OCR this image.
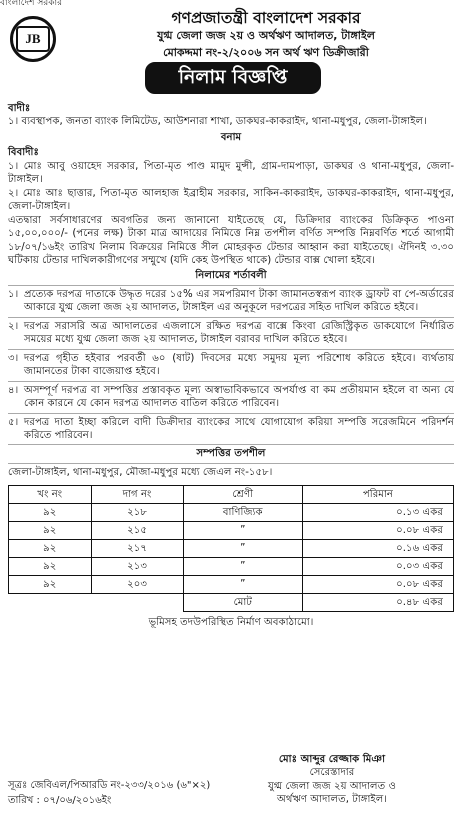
বাংলাদেশ সরকার
JB
গণপ্রজাতন্ত্রী বাংলাদেশ সরকার
যুগ্ম জেলা জজ ২য় ও অর্থঋণ আদালত, টাঙ্গাইল
মোকদ্দমা নং-২/২০০৬ সন অর্থ ঋণ ডিক্রীজারী
নিলাম বিজ্ঞপ্তি
বাদীঃ

১। ব্যবস্থাপক, জনতা ব্যাংক লিমিটেড, আউশনারা শাখা, ডাকঘর-কাকরাইদ, থানা-মধুপুর, জেলা-টাঙ্গাইল।

বনাম
বিবাদীঃ

১। মোঃ আবু ওয়াহেদ সরকার, পিতা-মৃত পাণ্ড মামুদ মুন্সী, গ্রাম-দামপাড়া, ডাকঘর ও থানা-মধুপুর, জেলা-টাঙ্গাইল।

২। মোঃ আঃ ছাত্তার, পিতা-মৃত আলহাজ ইব্রাহীম সরকার, সাকিন-কাকরাইদ, ডাকঘর-কাকরাইদ, থানা-মধুপুর, জেলা-টাঙ্গাইল।

এতদ্বারা সর্বসাধারণের অবগতির জন্য জানানো যাইতেছে যে, ডিক্রিদার ব্যাংকের ডিক্রিকৃত পাওনা ১৫,০০,০০০/- (পনের লক্ষ) টাকা মাত্র আদায়ের নিমিত্তে নিম্ন তপশীল বর্ণিত সম্পত্তি নিম্নবর্ণিত শর্তে আগামী ১৮/০৭/১৬ইং তারিখ নিলাম বিক্রয়ের নিমিত্তে সীল মোহরকৃত টেন্ডার আহ্বান করা যাইতেছে। ঐদিনই ৩.৩০ ঘটিকায় টেন্ডার দাখিলকারীগণের সম্মুখে (যদি কেহ উপস্থিত থাকে) টেন্ডার বাক্স খোলা হইবে।

নিলামের শর্তাবলী
১। প্রত্যেক দরপত্র দাতাকে উদ্ধৃত দরের ১৫% এর সমপরিমাণ টাকা জামানতস্বরূপ ব্যাংক ড্রাফট বা পে-অর্ডারের আকারে যুগ্ম জেলা জজ ২য় আদালত, টাঙ্গাইল এর অনুকূলে দরপত্রের সহিত দাখিল করিতে হইবে।
২। দরপত্র সরাসরি অত্র আদালতের এজলাসে রক্ষিত দরপত্র বাক্সে কিংবা রেজিস্ট্রিকৃত ডাকযোগে নির্ধারিত সময়ের মধ্যে যুগ্ম জেলা জজ ২য় আদালত, টাঙ্গাইল বরাবর দাখিল করিতে হইবে।
৩। দরপত্র গৃহীত হইবার পরবর্তী ৬০ (ষাট) দিবসের মধ্যে সমুদয় মূল্য পরিশোধ করিতে হইবে। ব্যর্থতায় জামানতের টাকা বাজেয়াপ্ত হইবে।
৪। অসম্পূর্ণ দরপত্র বা সম্পত্তির প্রস্তাবকৃত মূল্য অস্বাভাবিকভাবে অপর্যাপ্ত বা কম প্রতীয়মান হইলে বা অন্য যে কোন কারনে যে কোন দরপত্র আদালত বাতিল করিতে পারিবেন।
৫। দরপত্র দাতা ইচ্ছা করিলে বাদী ডিক্রীদার ব্যাংকের সাথে যোগাযোগ করিয়া সম্পত্তি সরেজমিনে পরিদর্শন করিতে পারিবেন।
সম্পত্তির তপশীল
জেলা-টাঙ্গাইল, থানা-মধুপুর, মৌজা-মধুপুর মধ্যে জেএল নং-১৫৮।
খং নং	দাগ নং	শ্রেণী	পরিমান
৯২	২১৮	বাণিজ্যিক	০.১৩ একর
৯২	২১৫	”	০.০৮ একর
৯২	২১৭	”	০.১৬ একর
৯২	২১৩	”	০.০৩ একর
৯২	২০৩	”	০.০৮ একর
		মোট	০.৪৮ একর
ভূমিসহ তদউপরিস্থিত নির্মাণ অবকাঠামো।
মোঃ আব্দুর রেজ্জাক মিঞা
সেরেস্তাদার
যুগ্ম জেলা জজ ২য় আদালত ও
অর্থঋণ আদালত, টাঙ্গাইল।
সূত্রঃ জেবিএল/পিআরডি নং-২৩৩/২০১৬ (৬"×২)
তারিখ : ০৭/০৬/২০১৬ইং
